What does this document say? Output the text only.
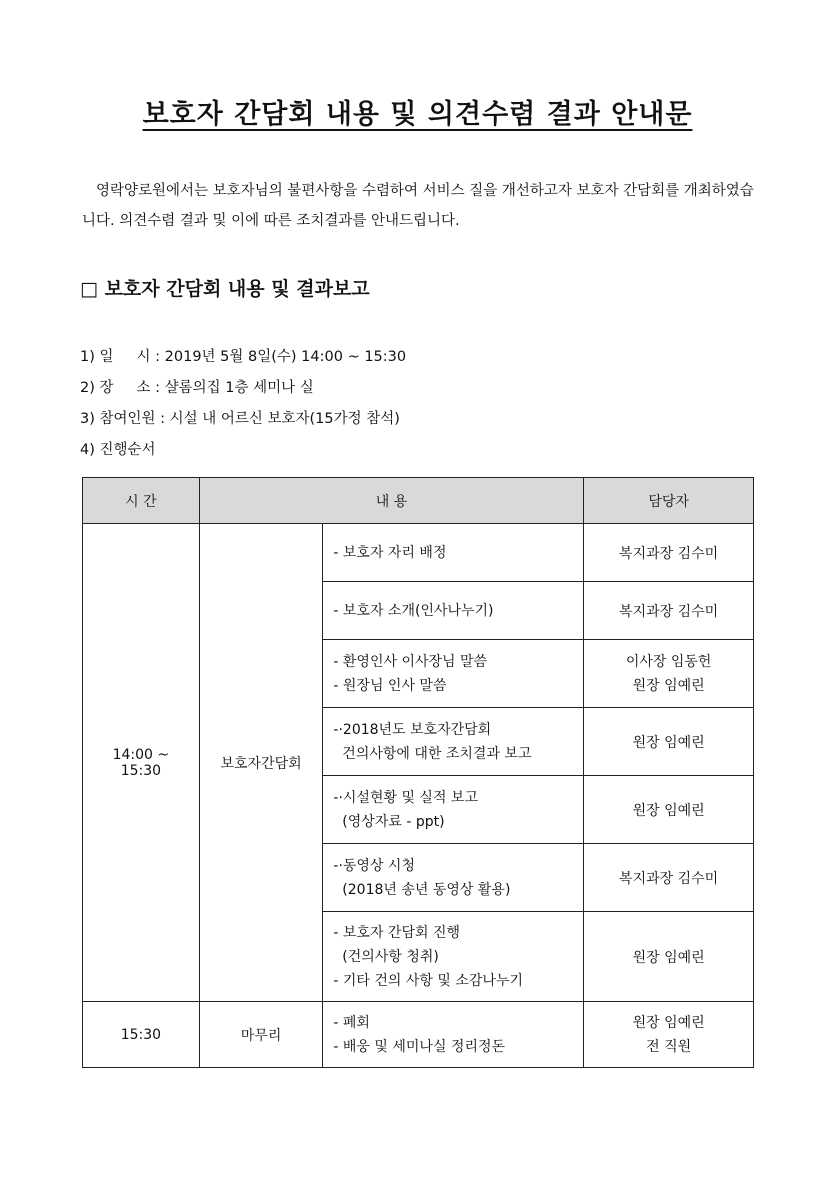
보호자 간담회 내용 및 의견수렴 결과 안내문
영락양로원에서는 보호자님의 불편사항을 수렴하여 서비스 질을 개선하고자 보호자 간담회를 개최하였습니다. 의견수렴 결과 및 이에 따른 조치결과를 안내드립니다.
□ 보호자 간담회 내용 및 결과보고
1) 일     시 : 2019년 5월 8일(수) 14:00 ~ 15:30
2) 장     소 : 샬롬의집 1층 세미나 실
3) 참여인원 : 시설 내 어르신 보호자(15가정 참석)
4) 진행순서
시 간	내 용		담당자
14:00 ~ 15:30	보호자간담회	- 보호자 자리 배정	복지과장 김수미
		- 보호자 소개(인사나누기)	복지과장 김수미
		- 환영인사 이사장님 말씀
- 원장님 인사 말씀	이사장 임동헌
원장 임예린
		-·2018년도 보호자간담회
건의사항에 대한 조치결과 보고	원장 임예린
		-·시설현황 및 실적 보고
(영상자료 - ppt)	원장 임예린
		-·동영상 시청
(2018년 송년 동영상 활용)	복지과장 김수미
		- 보호자 간담회 진행
(건의사항 청취)
- 기타 건의 사항 및 소감나누기	원장 임예린
15:30	마무리	- 폐회
- 배웅 및 세미나실 정리정돈	원장 임예린
전 직원
